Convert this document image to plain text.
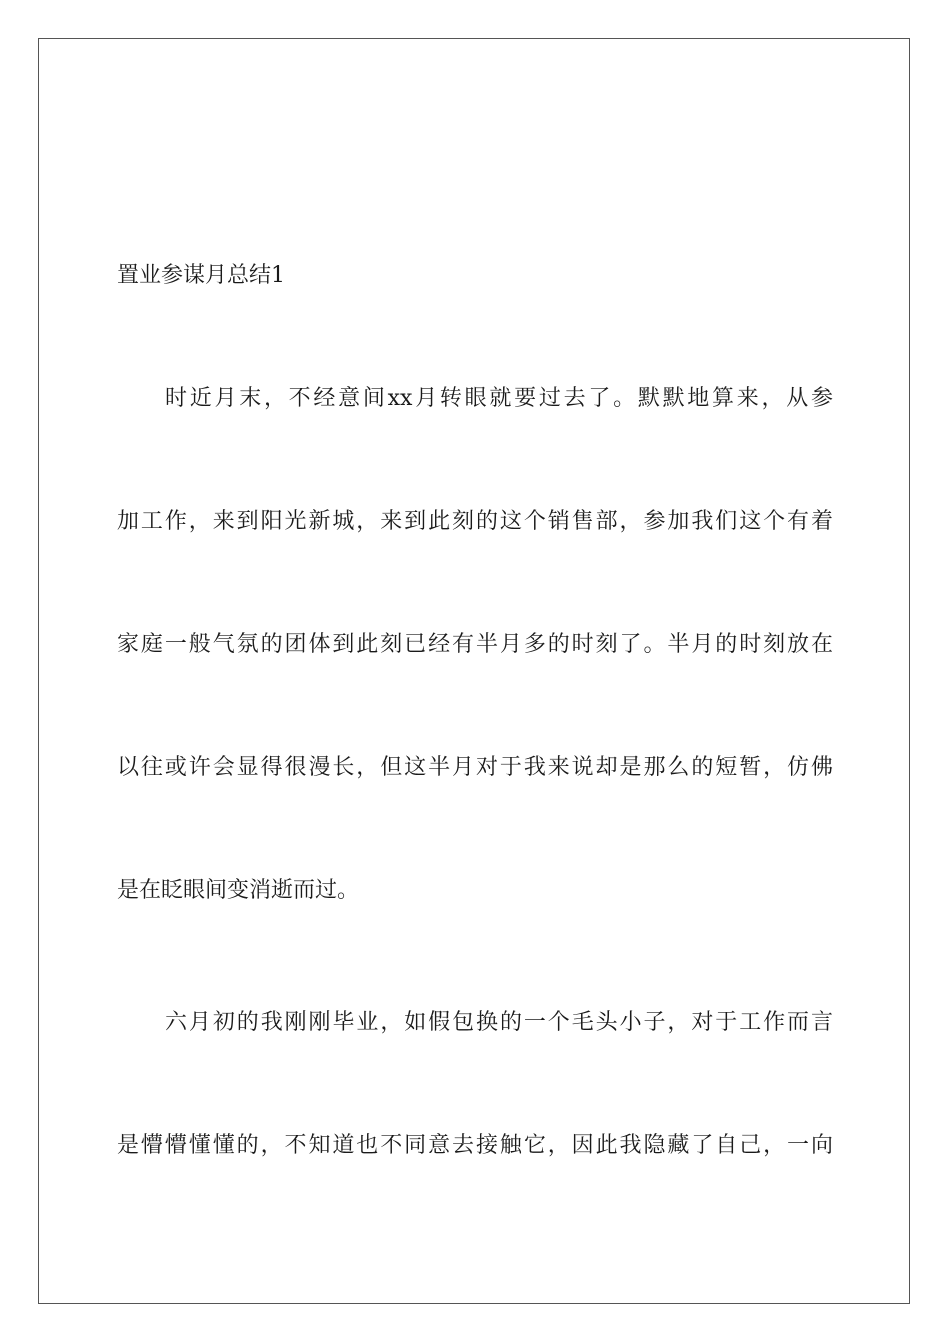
置业参谋月总结1
时近月末，不经意间xx月转眼就要过去了。默默地算来，从参
加工作，来到阳光新城，来到此刻的这个销售部，参加我们这个有着
家庭一般气氛的团体到此刻已经有半月多的时刻了。半月的时刻放在
以往或许会显得很漫长，但这半月对于我来说却是那么的短暂，仿佛
是在眨眼间变消逝而过。
六月初的我刚刚毕业，如假包换的一个毛头小子，对于工作而言
是懵懵懂懂的，不知道也不同意去接触它，因此我隐藏了自己，一向
